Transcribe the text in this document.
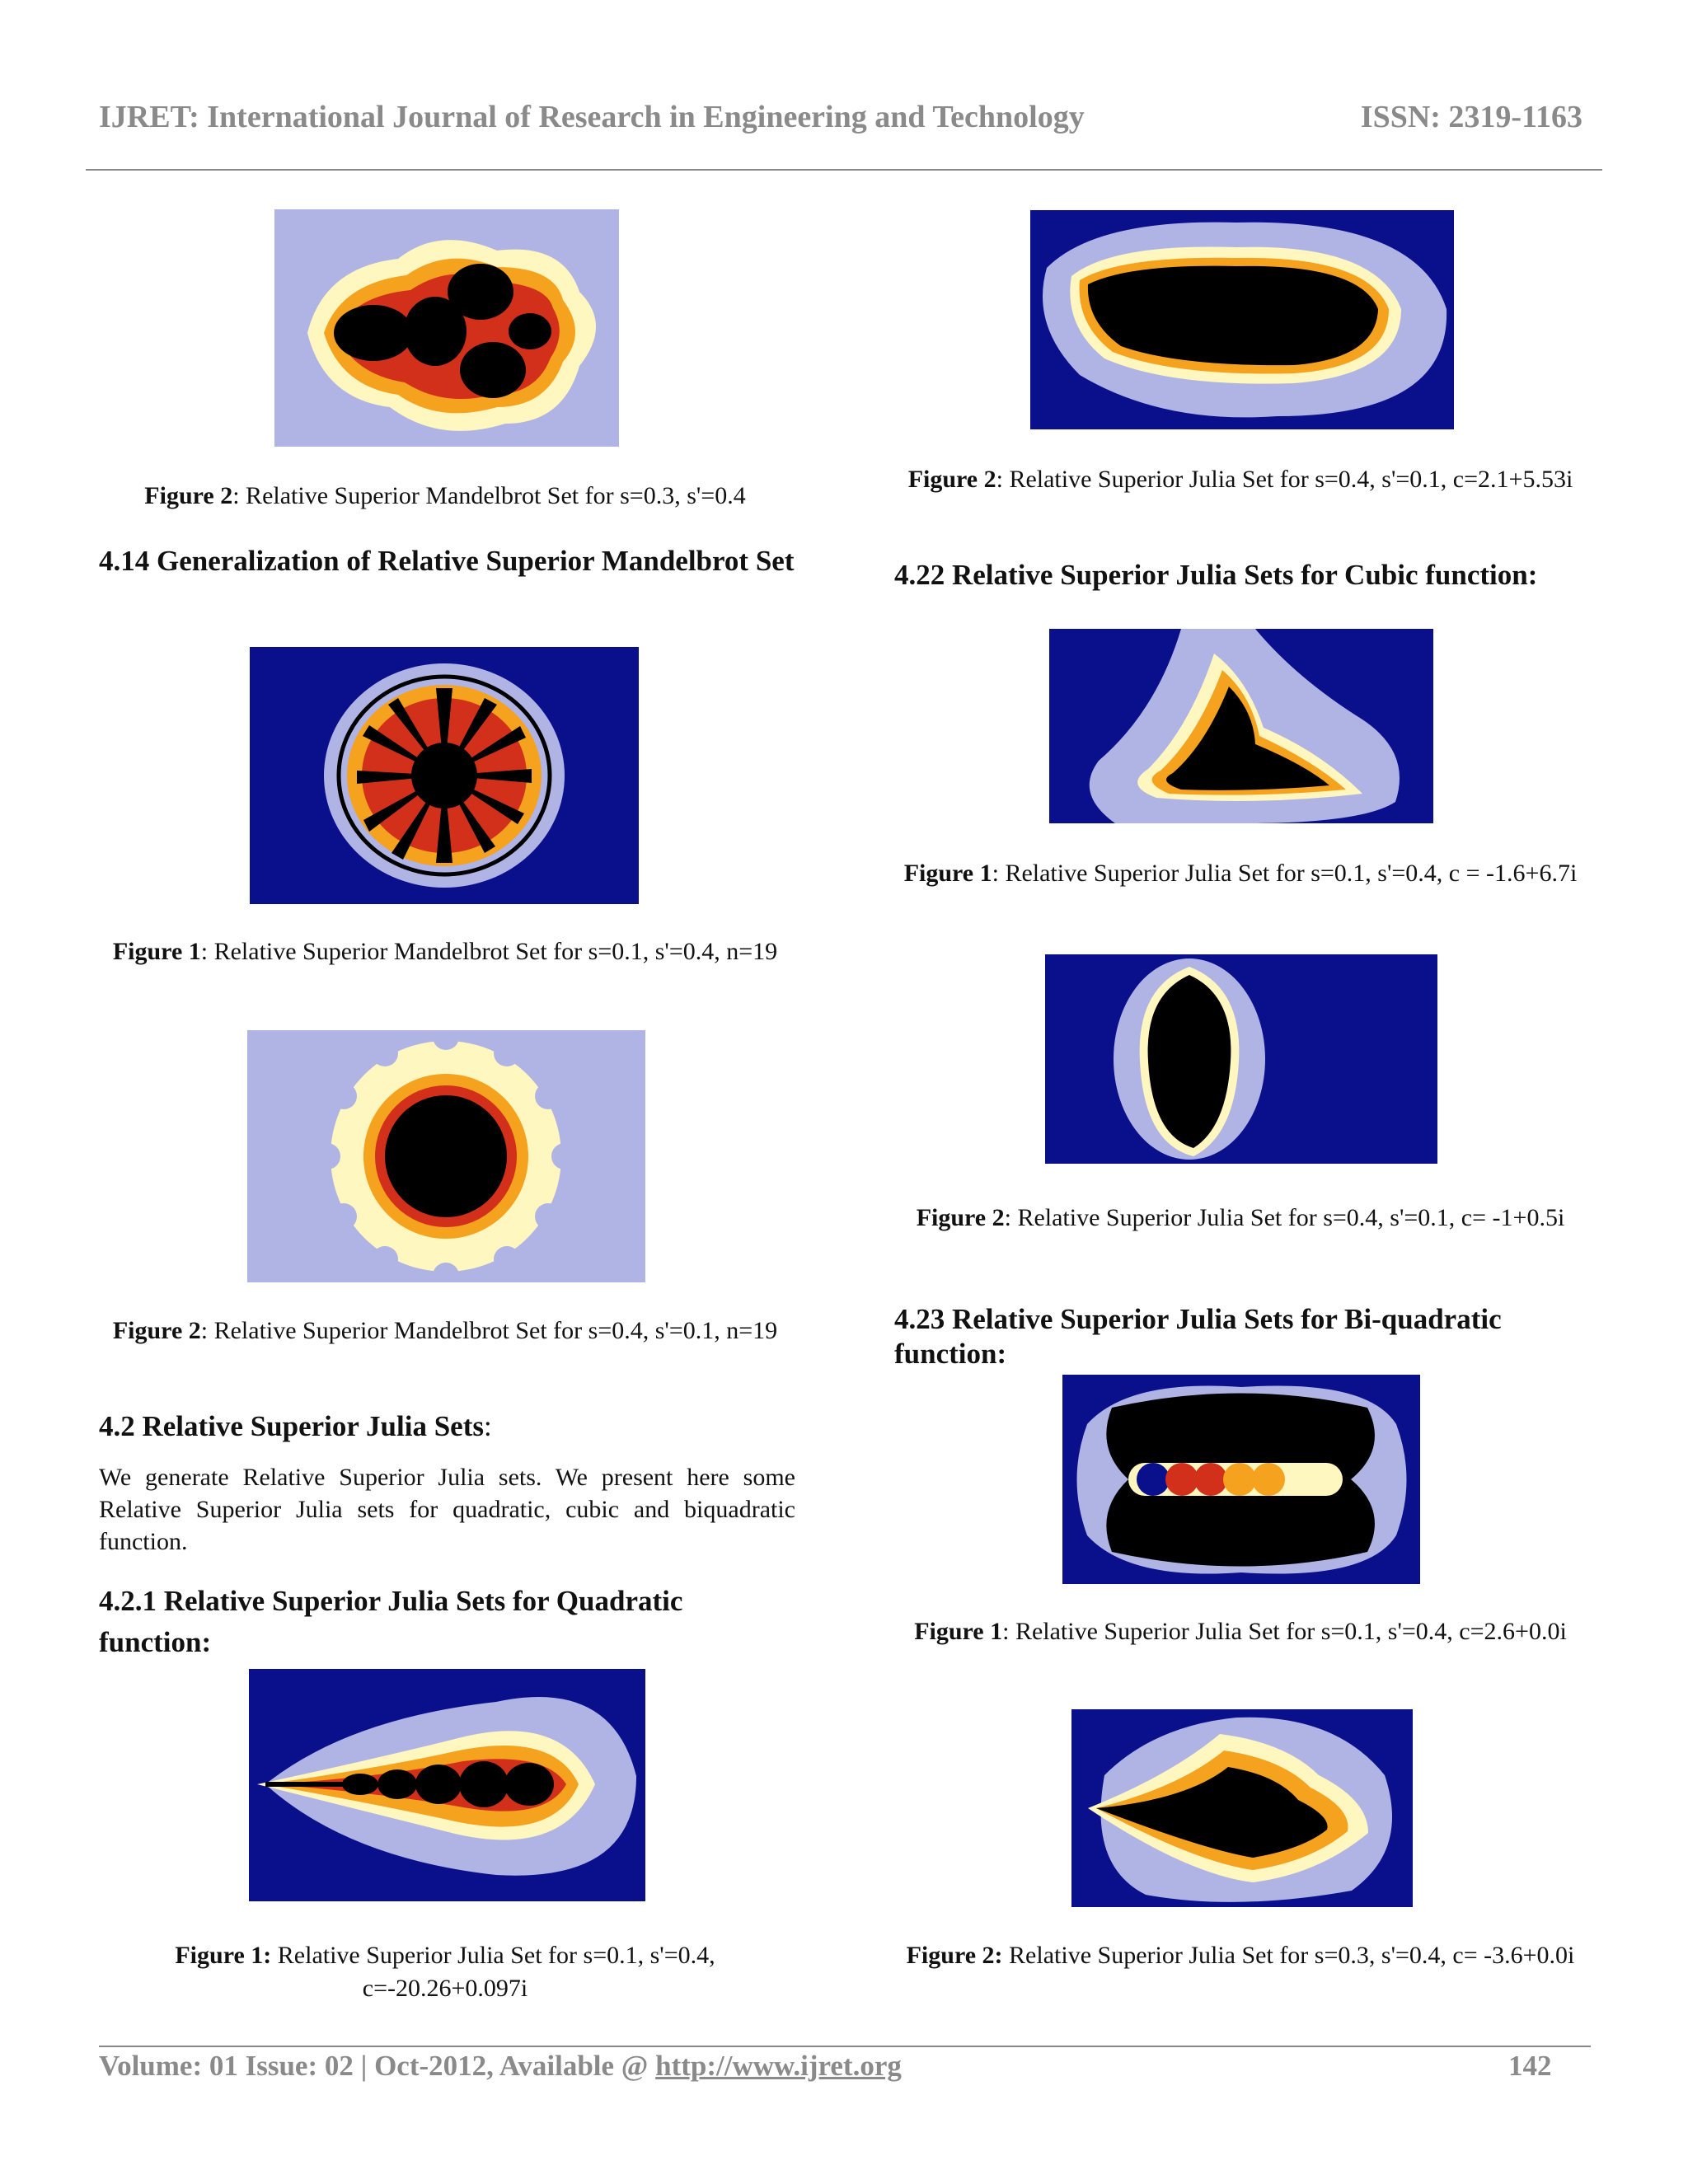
IJRET: International Journal of Research in Engineering and Technology	ISSN: 2319-1163
Figure 2: Relative Superior Mandelbrot Set for s=0.3, s'=0.4
4.14 Generalization of Relative Superior Mandelbrot Set
Figure 1: Relative Superior Mandelbrot Set for s=0.1, s'=0.4, n=19
Figure 2: Relative Superior Mandelbrot Set for s=0.4, s'=0.1, n=19
4.2 Relative Superior Julia Sets:
We generate Relative Superior Julia sets. We present here some Relative Superior Julia sets for quadratic, cubic and biquadratic function.
4.2.1 Relative Superior Julia Sets for Quadratic function:
Figure 1: Relative Superior Julia Set for s=0.1, s'=0.4, c=-20.26+0.097i
Figure 2: Relative Superior Julia Set for s=0.4, s'=0.1, c=2.1+5.53i
4.22 Relative Superior Julia Sets for Cubic function:
Figure 1: Relative Superior Julia Set for s=0.1, s'=0.4, c = -1.6+6.7i
Figure 2: Relative Superior Julia Set for s=0.4, s'=0.1, c= -1+0.5i
4.23 Relative Superior Julia Sets for Bi-quadratic function:
Figure 1: Relative Superior Julia Set for s=0.1, s'=0.4, c=2.6+0.0i
Figure 2: Relative Superior Julia Set for s=0.3, s'=0.4, c= -3.6+0.0i
Volume: 01 Issue: 02 | Oct-2012, Available @ http://www.ijret.org	142
